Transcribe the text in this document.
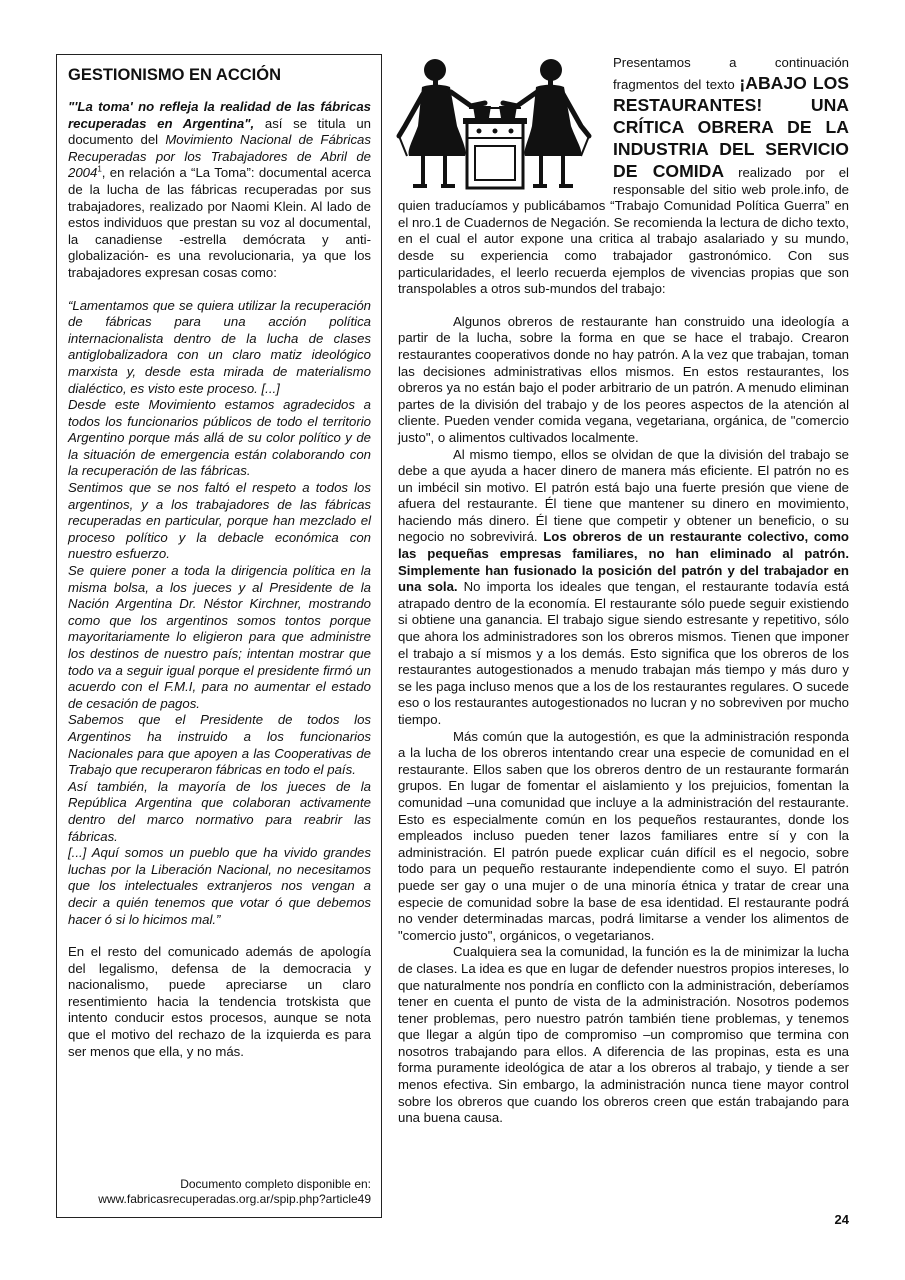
GESTIONISMO EN ACCIÓN

"'La toma' no refleja la realidad de las fábricas recuperadas en Argentina", así se titula un documento del Movimiento Nacional de Fábricas Recuperadas por los Trabajadores de Abril de 2004$^1$, en relación a “La Toma”: documental acerca de la lucha de las fábricas recuperadas por sus trabajadores, realizado por Naomi Klein. Al lado de estos individuos que prestan su voz al documental, la canadiense -estrella demócrata y anti-globalización- es una revolucionaria, ya que los trabajadores expresan cosas como:

“Lamentamos que se quiera utilizar la recuperación de fábricas para una acción política internacionalista dentro de la lucha de clases antiglobalizadora con un claro matiz ideológico marxista y, desde esta mirada de materialismo dialéctico, es visto este proceso. [...]

Desde este Movimiento estamos agradecidos a todos los funcionarios públicos de todo el territorio Argentino porque más allá de su color político y de la situación de emergencia están colaborando con la recuperación de las fábricas.

Sentimos que se nos faltó el respeto a todos los argentinos, y a los trabajadores de las fábricas recuperadas en particular, porque han mezclado el proceso político y la debacle económica con nuestro esfuerzo.

Se quiere poner a toda la dirigencia política en la misma bolsa, a los jueces y al Presidente de la Nación Argentina Dr. Néstor Kirchner, mostrando como que los argentinos somos tontos porque mayoritariamente lo eligieron para que administre los destinos de nuestro país; intentan mostrar que todo va a seguir igual porque el presidente firmó un acuerdo con el F.M.I, para no aumentar el estado de cesación de pagos.

Sabemos que el Presidente de todos los Argentinos ha instruido a los funcionarios Nacionales para que apoyen a las Cooperativas de Trabajo que recuperaron fábricas en todo el país.

Así también, la mayoría de los jueces de la República Argentina que colaboran activamente dentro del marco normativo para reabrir las fábricas.

[...] Aquí somos un pueblo que ha vivido grandes luchas por la Liberación Nacional, no necesitamos que los intelectuales extranjeros nos vengan a decir a quién tenemos que votar ó que debemos hacer ó si lo hicimos mal.”

En el resto del comunicado además de apología del legalismo, defensa de la democracia y nacionalismo, puede apreciarse un claro resentimiento hacia la tendencia trotskista que intento conducir estos procesos, aunque se nota que el motivo del rechazo de la izquierda es para ser menos que ella, y no más.

Documento completo disponible en:
www.fabricasrecuperadas.org.ar/spip.php?article49

Presentamos a continuación fragmentos del texto ¡ABAJO LOS RESTAURANTES! UNA CRÍTICA OBRERA DE LA INDUSTRIA DEL SERVICIO DE COMIDA realizado por el responsable del sitio web prole.info, de quien traducíamos y publicábamos “Trabajo Comunidad Política Guerra” en el nro.1 de Cuadernos de Negación. Se recomienda la lectura de dicho texto, en el cual el autor expone una critica al trabajo asalariado y su mundo, desde su experiencia como trabajador gastronómico. Con sus particularidades, el leerlo recuerda ejemplos de vivencias propias que son transpolables a otros sub-mundos del trabajo:

Algunos obreros de restaurante han construido una ideología a partir de la lucha, sobre la forma en que se hace el trabajo. Crearon restaurantes cooperativos donde no hay patrón. A la vez que trabajan, toman las decisiones administrativas ellos mismos. En estos restaurantes, los obreros ya no están bajo el poder arbitrario de un patrón. A menudo eliminan partes de la división del trabajo y de los peores aspectos de la atención al cliente. Pueden vender comida vegana, vegetariana, orgánica, de "comercio justo", o alimentos cultivados localmente.

Al mismo tiempo, ellos se olvidan de que la división del trabajo se debe a que ayuda a hacer dinero de manera más eficiente. El patrón no es un imbécil sin motivo. El patrón está bajo una fuerte presión que viene de afuera del restaurante. Él tiene que mantener su dinero en movimiento, haciendo más dinero. Él tiene que competir y obtener un beneficio, o su negocio no sobrevivirá. Los obreros de un restaurante colectivo, como las pequeñas empresas familiares, no han eliminado al patrón. Simplemente han fusionado la posición del patrón y del trabajador en una sola. No importa los ideales que tengan, el restaurante todavía está atrapado dentro de la economía. El restaurante sólo puede seguir existiendo si obtiene una ganancia. El trabajo sigue siendo estresante y repetitivo, sólo que ahora los administradores son los obreros mismos. Tienen que imponer el trabajo a sí mismos y a los demás. Esto significa que los obreros de los restaurantes autogestionados a menudo trabajan más tiempo y más duro y se les paga incluso menos que a los de los restaurantes regulares. O sucede eso o los restaurantes autogestionados no lucran y no sobreviven por mucho tiempo.

Más común que la autogestión, es que la administración responda a la lucha de los obreros intentando crear una especie de comunidad en el restaurante. Ellos saben que los obreros dentro de un restaurante formarán grupos. En lugar de fomentar el aislamiento y los prejuicios, fomentan la comunidad –una comunidad que incluye a la administración del restaurante. Esto es especialmente común en los pequeños restaurantes, donde los empleados incluso pueden tener lazos familiares entre sí y con la administración. El patrón puede explicar cuán difícil es el negocio, sobre todo para un pequeño restaurante independiente como el suyo. El patrón puede ser gay o una mujer o de una minoría étnica y tratar de crear una especie de comunidad sobre la base de esa identidad. El restaurante podrá no vender determinadas marcas, podrá limitarse a vender los alimentos de "comercio justo", orgánicos, o vegetarianos.

Cualquiera sea la comunidad, la función es la de minimizar la lucha de clases. La idea es que en lugar de defender nuestros propios intereses, lo que naturalmente nos pondría en conflicto con la administración, deberíamos tener en cuenta el punto de vista de la administración. Nosotros podemos tener problemas, pero nuestro patrón también tiene problemas, y tenemos que llegar a algún tipo de compromiso –un compromiso que termina con nosotros trabajando para ellos. A diferencia de las propinas, esta es una forma puramente ideológica de atar a los obreros al trabajo, y tiende a ser menos efectiva. Sin embargo, la administración nunca tiene mayor control sobre los obreros que cuando los obreros creen que están trabajando para una buena causa.

24
